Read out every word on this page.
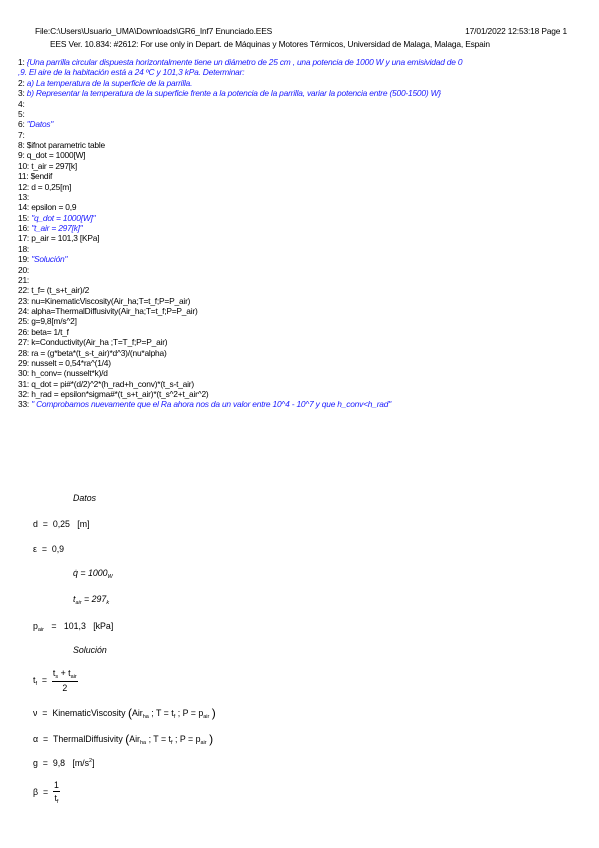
File:C:\Users\Usuario_UMA\Downloads\GR6_Inf7 Enunciado.EES	17/01/2022 12:53:18 Page 1
EES Ver. 10.834: #2612: For use only in Depart. de Máquinas y Motores Térmicos, Universidad de Malaga, Malaga, Espain
1: {Una parrilla circular dispuesta horizontalmente tiene un diámetro de 25 cm , una potencia de 1000 W y una emisividad de 0
,9. El aire de la habitación está a 24 ºC y 101,3 kPa. Determinar:
2: a) La temperatura de la superficie de la parrilla.
3: b) Representar la temperatura de la superficie frente a la potencia de la parrilla, variar la potencia entre (500-1500) W}
4:
5:
6: "Datos"
7:
8: $ifnot parametric table
9: q_dot = 1000[W]
10: t_air = 297[k]
11: $endif
12: d = 0,25[m]
13:
14: epsilon = 0,9
15: "q_dot = 1000[W]"
16: "t_air = 297[k]"
17: p_air = 101,3 [KPa]
18:
19: "Solución"
20:
21:
22: t_f= (t_s+t_air)/2
23: nu=KinematicViscosity(Air_ha;T=t_f;P=P_air)
24: alpha=ThermalDiffusivity(Air_ha;T=t_f;P=P_air)
25: g=9,8[m/s^2]
26: beta= 1/t_f
27: k=Conductivity(Air_ha ;T=T_f;P=P_air)
28: ra = (g*beta*(t_s-t_air)*d^3)/(nu*alpha)
29: nusselt = 0,54*ra^(1/4)
30: h_conv= (nusselt*k)/d
31: q_dot = pi#*(d/2)^2*(h_rad+h_conv)*(t_s-t_air)
32: h_rad = epsilon*sigma#*(t_s+t_air)*(t_s^2+t_air^2)
33: " Comprobamos nuevamente que el Ra ahora nos da un valor entre 10^4 - 10^7 y que h_conv<h_rad"
Datos
d = 0,25 [m]
ε = 0,9
q̇ = $1000_W$
$t_{air} = 297_k$
$p_{air} = 101,3$ [kPa]
Solución
$t_f = \frac{t_s + t_{air}}{2}$
ν = KinematicViscosity (Air$_{ha}$ ; $T = t_f$ ; $P = p_{air}$ )
α = ThermalDiffusivity (Air$_{ha}$ ; $T = t_f$ ; $P = p_{air}$ )
g = 9,8 $[m/s^2]$
$\beta = \frac{1}{t_f}$
